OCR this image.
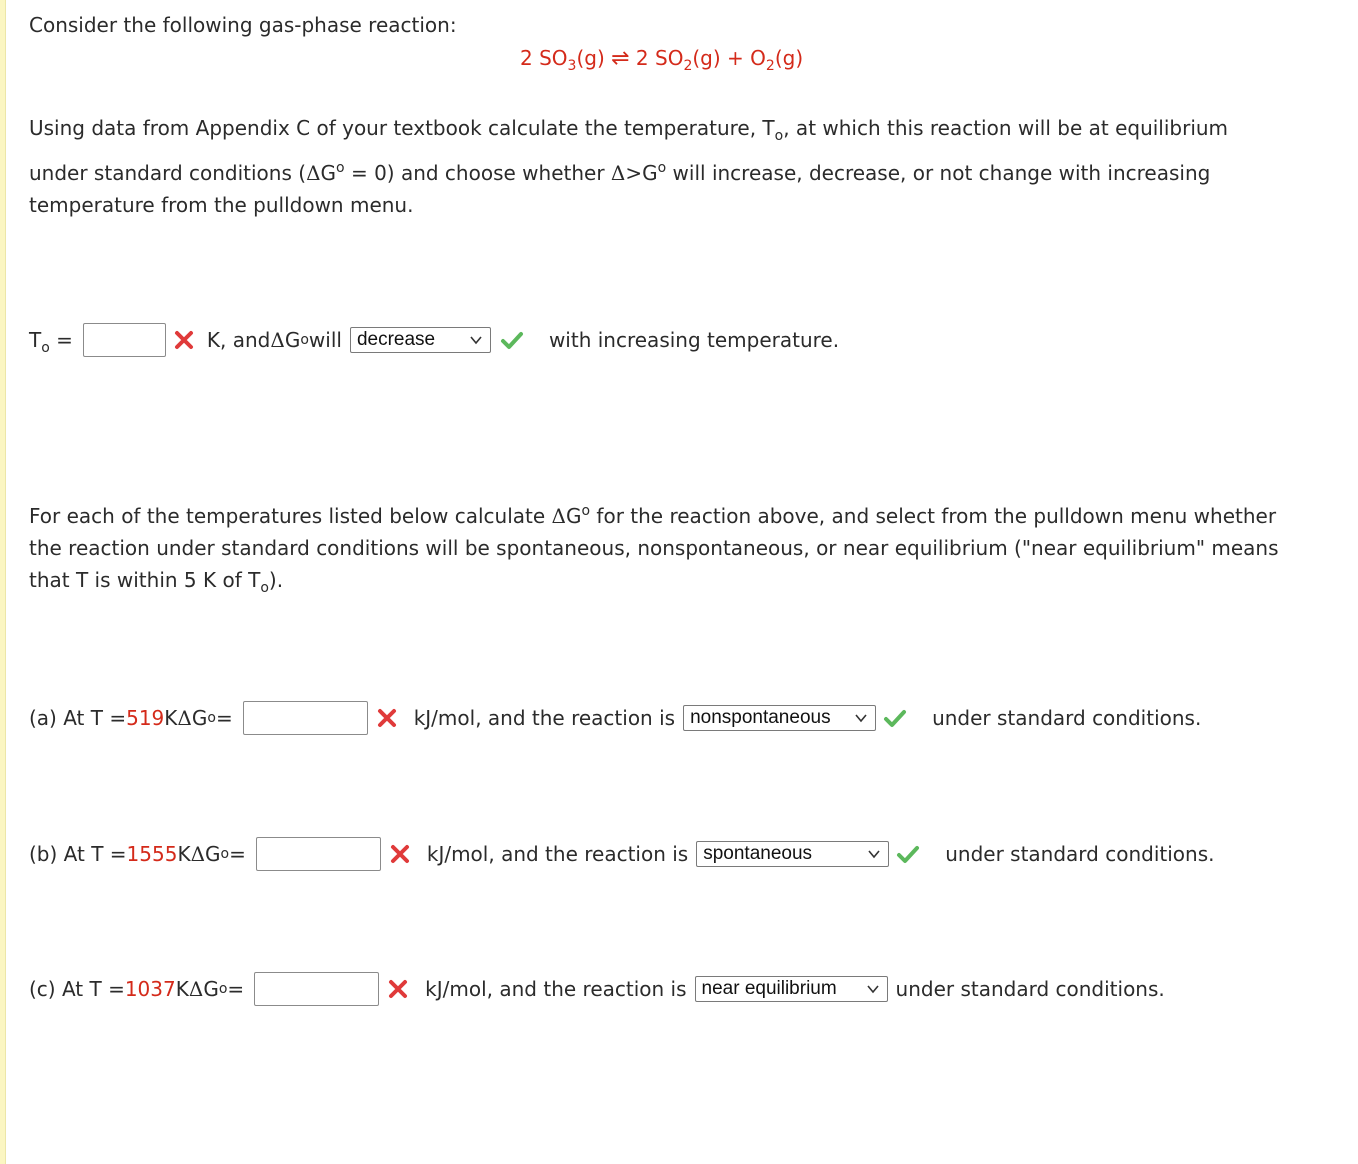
Consider the following gas-phase reaction:
2 $SO_3(g)$ ⇌ 2 $SO_2(g) + O_2(g)$
Using data from Appendix C of your textbook calculate the temperature, $T_o$, at which this reaction will be at equilibrium
under standard conditions $(\Delta G^o = 0)$ and choose whether $\Delta>G^o$ will increase, decrease, or not change with increasing
temperature from the pulldown menu.
$T_o$ =	K, and Δ G o will decrease	with increasing temperature.
For each of the temperatures listed below calculate $\Delta G^o$ for the reaction above, and select from the pulldown menu whether
the reaction under standard conditions will be spontaneous, nonspontaneous, or near equilibrium ("near equilibrium" means
that T is within 5 K of $T_o$).
(a) At T = 519 K Δ G o =	kJ/mol, and the reaction is nonspontaneous	under standard conditions.
(b) At T = 1555 K Δ G o =	kJ/mol, and the reaction is spontaneous	under standard conditions.
(c) At T = 1037 K Δ G o =	kJ/mol, and the reaction is near equilibrium	under standard conditions.
